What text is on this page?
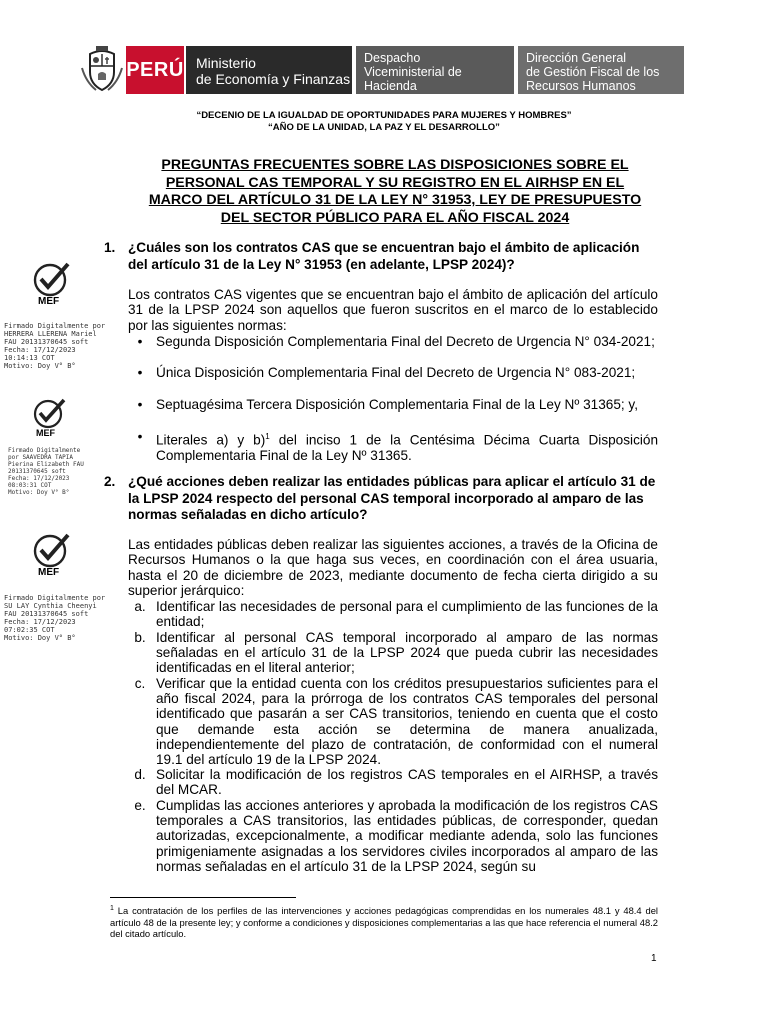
PERÚ Ministerio
de Economía y Finanzas
Despacho
Viceministerial de
Hacienda
Dirección General
de Gestión Fiscal de los
Recursos Humanos
“DECENIO DE LA IGUALDAD DE OPORTUNIDADES PARA MUJERES Y HOMBRES”
“AÑO DE LA UNIDAD, LA PAZ Y EL DESARROLLO”
PREGUNTAS FRECUENTES SOBRE LAS DISPOSICIONES SOBRE EL
PERSONAL CAS TEMPORAL Y SU REGISTRO EN EL AIRHSP EN EL
MARCO DEL ARTÍCULO 31 DE LA LEY N° 31953, LEY DE PRESUPUESTO
DEL SECTOR PÚBLICO PARA EL AÑO FISCAL 2024
1. ¿Cuáles son los contratos CAS que se encuentran bajo el ámbito de aplicación del artículo 31 de la Ley N° 31953 (en adelante, LPSP 2024)?
Los contratos CAS vigentes que se encuentran bajo el ámbito de aplicación del artículo 31 de la LPSP 2024 son aquellos que fueron suscritos en el marco de lo establecido por las siguientes normas:
•	Segunda Disposición Complementaria Final del Decreto de Urgencia N° 034-2021;
•	Única Disposición Complementaria Final del Decreto de Urgencia N° 083-2021;
•	Septuagésima Tercera Disposición Complementaria Final de la Ley Nº 31365; y,
•	Literales a) y b)$^1$ del inciso 1 de la Centésima Décima Cuarta Disposición Complementaria Final de la Ley Nº 31365.
2. ¿Qué acciones deben realizar las entidades públicas para aplicar el artículo 31 de la LPSP 2024 respecto del personal CAS temporal incorporado al amparo de las normas señaladas en dicho artículo?
Las entidades públicas deben realizar las siguientes acciones, a través de la Oficina de Recursos Humanos o la que haga sus veces, en coordinación con el área usuaria, hasta el 20 de diciembre de 2023, mediante documento de fecha cierta dirigido a su superior jerárquico:
a. Identificar las necesidades de personal para el cumplimiento de las funciones de la entidad;
b. Identificar al personal CAS temporal incorporado al amparo de las normas señaladas en el artículo 31 de la LPSP 2024 que pueda cubrir las necesidades identificadas en el literal anterior;
c. Verificar que la entidad cuenta con los créditos presupuestarios suficientes para el año fiscal 2024, para la prórroga de los contratos CAS temporales del personal identificado que pasarán a ser CAS transitorios, teniendo en cuenta que el costo que demande esta acción se determina de manera anualizada, independientemente del plazo de contratación, de conformidad con el numeral 19.1 del artículo 19 de la LPSP 2024.
d. Solicitar la modificación de los registros CAS temporales en el AIRHSP, a través del MCAR.
e. Cumplidas las acciones anteriores y aprobada la modificación de los registros CAS temporales a CAS transitorios, las entidades públicas, de corresponder, quedan autorizadas, excepcionalmente, a modificar mediante adenda, solo las funciones primigeniamente asignadas a los servidores civiles incorporados al amparo de las normas señaladas en el artículo 31 de la LPSP 2024, según su
MEF
Firmado Digitalmente por
HERRERA LLERENA Mariel
FAU 20131370645 soft
Fecha: 17/12/2023
10:14:13 COT
Motivo: Doy V° B°
MEF
Firmado Digitalmente
por SAAVEDRA TAPIA
Pierina Elizabeth FAU
20131370645 soft
Fecha: 17/12/2023
08:03:31 COT
Motivo: Doy V° B°
MEF
Firmado Digitalmente por
SU LAY Cynthia Cheenyi
FAU 20131370645 soft
Fecha: 17/12/2023
07:02:35 COT
Motivo: Doy V° B°
$^1$ La contratación de los perfiles de las intervenciones y acciones pedagógicas comprendidas en los numerales 48.1 y 48.4 del artículo 48 de la presente ley; y conforme a condiciones y disposiciones complementarias a las que hace referencia el numeral 48.2 del citado artículo.
1
